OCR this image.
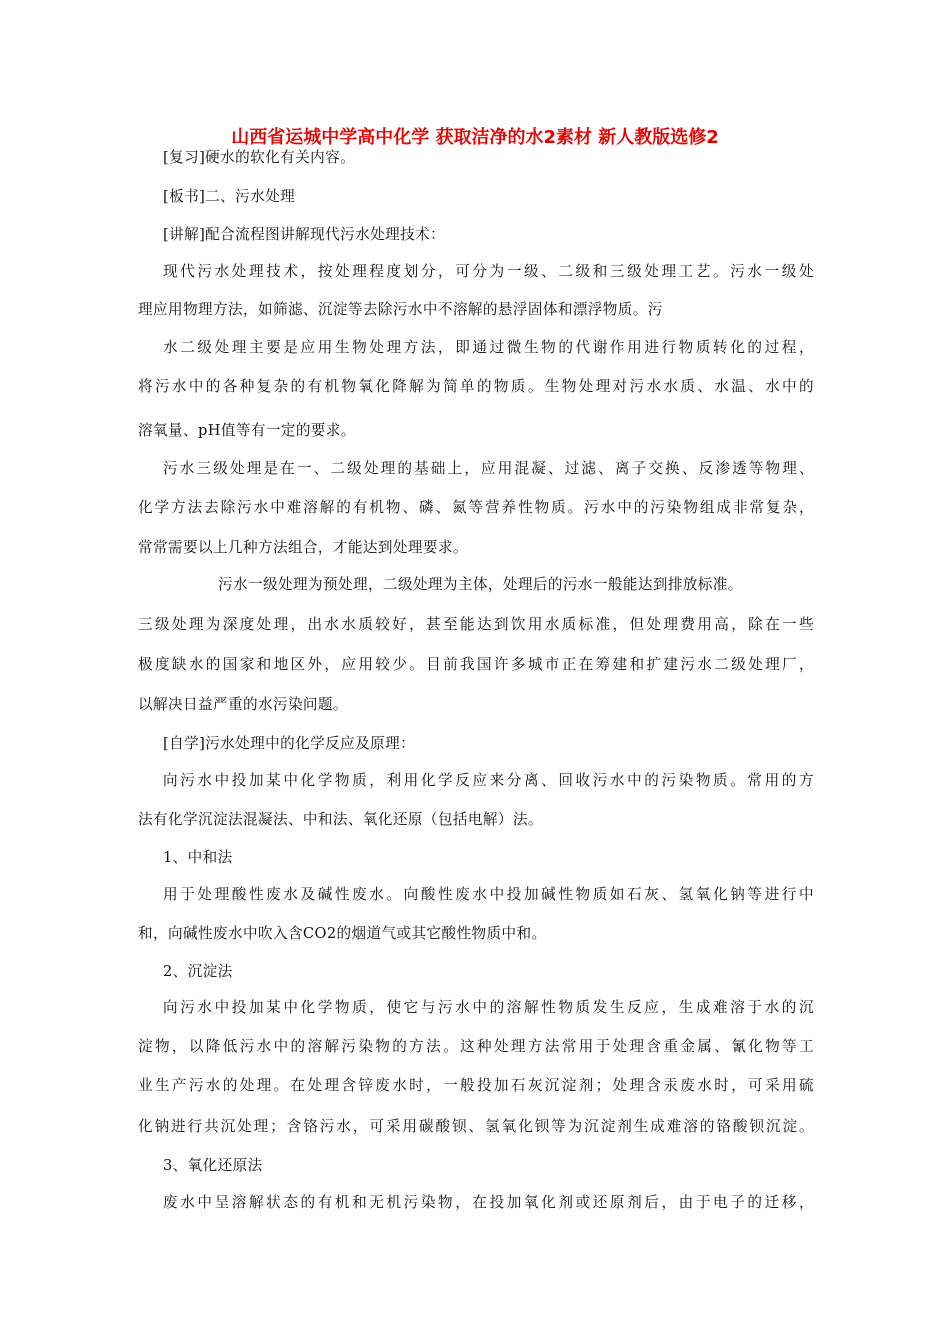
山西省运城中学高中化学 获取洁净的水2素材 新人教版选修2
[复习]硬水的软化有关内容。
[板书]二、污水处理
[讲解]配合流程图讲解现代污水处理技术：
现代污水处理技术，按处理程度划分，可分为一级、二级和三级处理工艺。污水一级处
理应用物理方法，如筛滤、沉淀等去除污水中不溶解的悬浮固体和漂浮物质。污
水二级处理主要是应用生物处理方法，即通过微生物的代谢作用进行物质转化的过程，
将污水中的各种复杂的有机物氧化降解为简单的物质。生物处理对污水水质、水温、水中的
溶氧量、pH值等有一定的要求。
污水三级处理是在一、二级处理的基础上，应用混凝、过滤、离子交换、反渗透等物理、
化学方法去除污水中难溶解的有机物、磷、氮等营养性物质。污水中的污染物组成非常复杂，
常常需要以上几种方法组合，才能达到处理要求。
污水一级处理为预处理，二级处理为主体，处理后的污水一般能达到排放标准。
三级处理为深度处理，出水水质较好，甚至能达到饮用水质标准，但处理费用高，除在一些
极度缺水的国家和地区外，应用较少。目前我国许多城市正在筹建和扩建污水二级处理厂，
以解决日益严重的水污染问题。
[自学]污水处理中的化学反应及原理：
向污水中投加某中化学物质，利用化学反应来分离、回收污水中的污染物质。常用的方
法有化学沉淀法混凝法、中和法、氧化还原（包括电解）法。
1、中和法
用于处理酸性废水及碱性废水。向酸性废水中投加碱性物质如石灰、氢氧化钠等进行中
和，向碱性废水中吹入含CO2的烟道气或其它酸性物质中和。
2、沉淀法
向污水中投加某中化学物质，使它与污水中的溶解性物质发生反应，生成难溶于水的沉
淀物，以降低污水中的溶解污染物的方法。这种处理方法常用于处理含重金属、氰化物等工
业生产污水的处理。在处理含锌废水时，一般投加石灰沉淀剂；处理含汞废水时，可采用硫
化钠进行共沉处理；含铬污水，可采用碳酸钡、氢氧化钡等为沉淀剂生成难溶的铬酸钡沉淀。
3、氧化还原法
废水中呈溶解状态的有机和无机污染物，在投加氧化剂或还原剂后，由于电子的迁移，
